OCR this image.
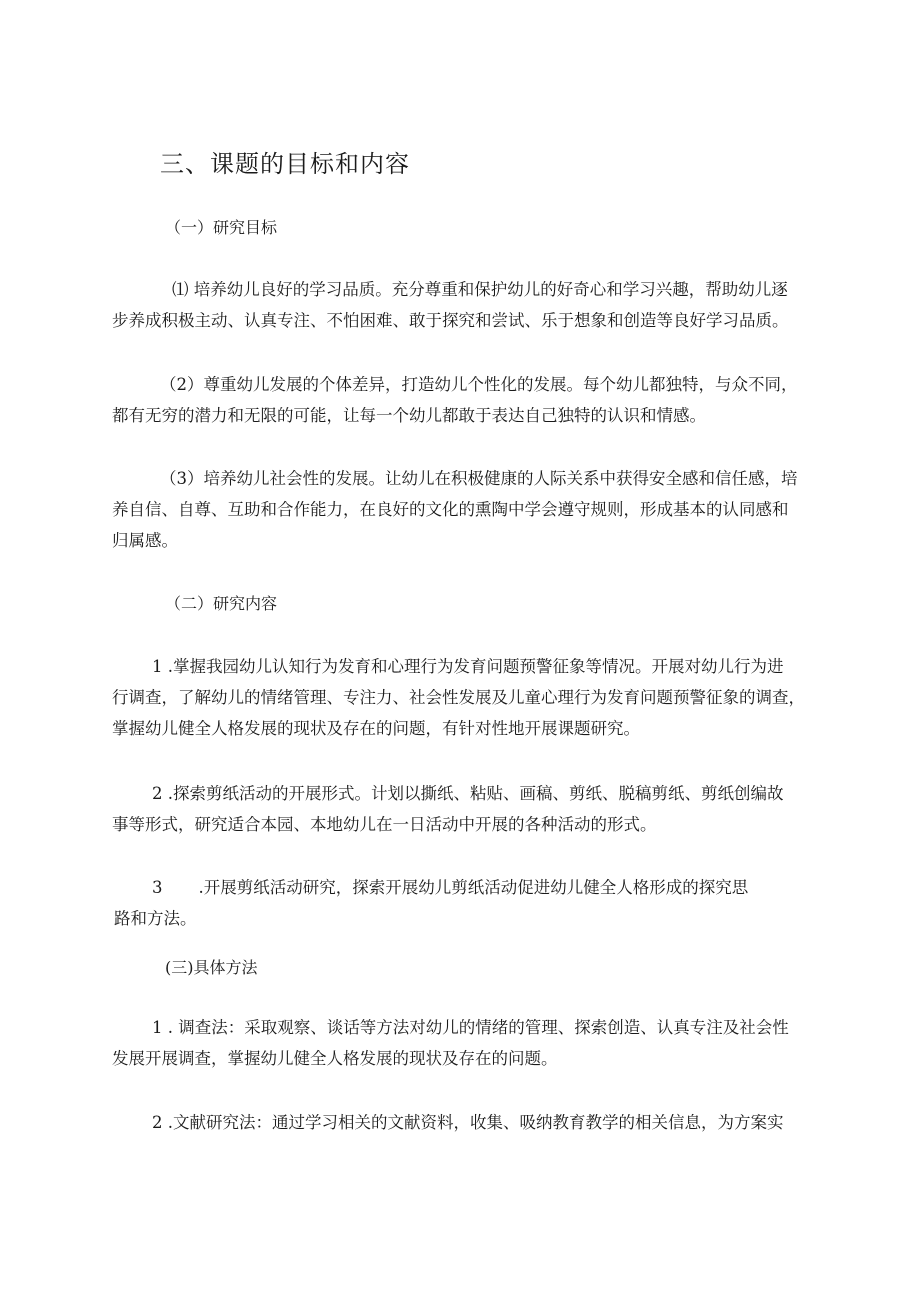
三、课题的目标和内容
（一）研究目标

⑴ 培养幼儿良好的学习品质。充分尊重和保护幼儿的好奇心和学习兴趣，帮助幼儿逐
步养成积极主动、认真专注、不怕困难、敢于探究和尝试、乐于想象和创造等良好学习品质。

（2）尊重幼儿发展的个体差异，打造幼儿个性化的发展。每个幼儿都独特，与众不同，
都有无穷的潜力和无限的可能，让每一个幼儿都敢于表达自己独特的认识和情感。

（3）培养幼儿社会性的发展。让幼儿在积极健康的人际关系中获得安全感和信任感，培
养自信、自尊、互助和合作能力，在良好的文化的熏陶中学会遵守规则，形成基本的认同感和
归属感。

（二）研究内容

1 .掌握我园幼儿认知行为发育和心理行为发育问题预警征象等情况。开展对幼儿行为进
行调查，了解幼儿的情绪管理、专注力、社会性发展及儿童心理行为发育问题预警征象的调查，
掌握幼儿健全人格发展的现状及存在的问题，有针对性地开展课题研究。

2 .探索剪纸活动的开展形式。计划以撕纸、粘贴、画稿、剪纸、脱稿剪纸、剪纸创编故
事等形式，研究适合本园、本地幼儿在一日活动中开展的各种活动的形式。

3 .开展剪纸活动研究，探索开展幼儿剪纸活动促进幼儿健全人格形成的探究思
路和方法。

(三)具体方法

1 . 调查法：采取观察、谈话等方法对幼儿的情绪的管理、探索创造、认真专注及社会性
发展开展调查，掌握幼儿健全人格发展的现状及存在的问题。

2 .文献研究法：通过学习相关的文献资料，收集、吸纳教育教学的相关信息，为方案实
